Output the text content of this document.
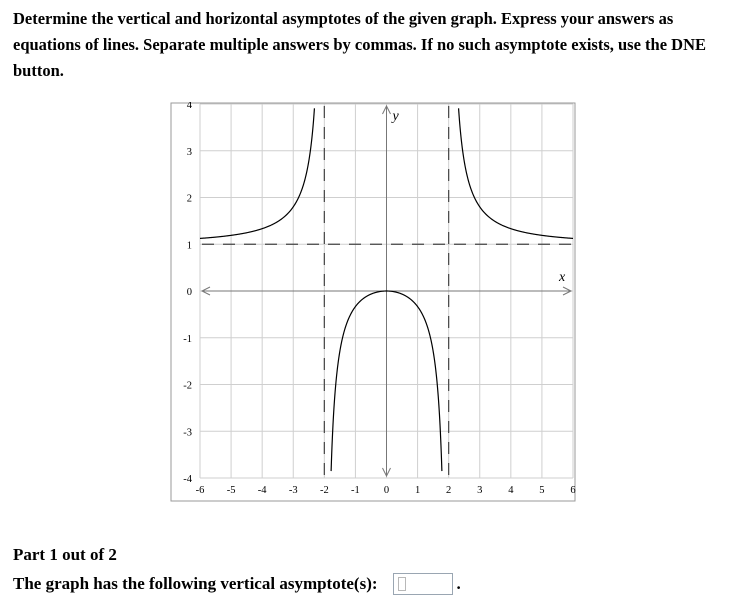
Determine the vertical and horizontal asymptotes of the given graph. Express your answers as equations of lines. Separate multiple answers by commas. If no such asymptote exists, use the DNE button.

x
y
-6 -5 -4 -3 -2 -1 0 1 2 3 4 5 6
4
3
2
1
0
-1
-2
-3
-4
Part 1 out of 2
The graph has the following vertical asymptote(s):	.
